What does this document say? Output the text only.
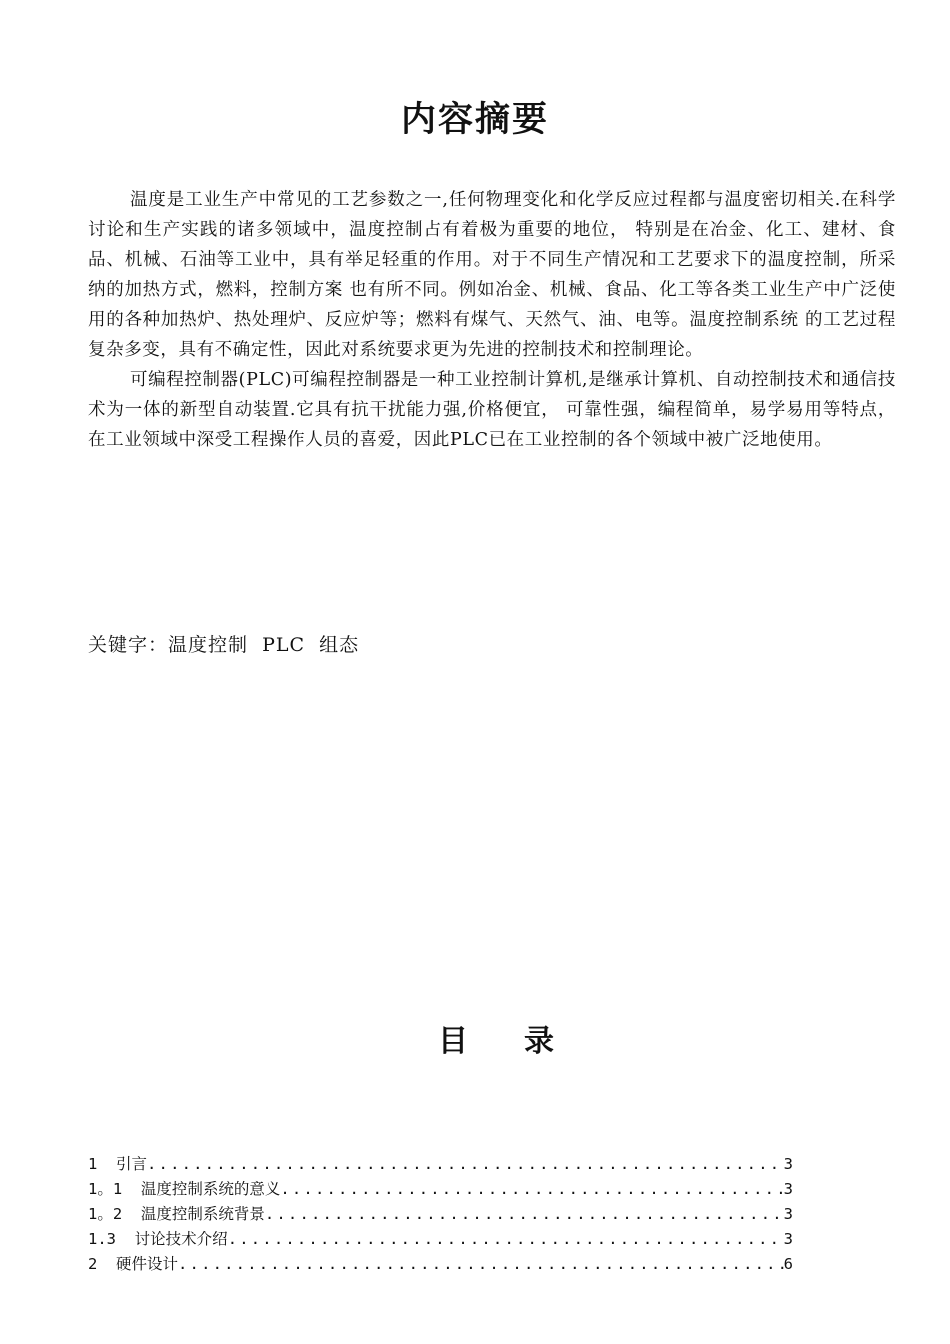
内容摘要

温度是工业生产中常见的工艺参数之一,任何物理变化和化学反应过程都与温度密切相关.在科学讨论和生产实践的诸多领域中，温度控制占有着极为重要的地位， 特别是在冶金、化工、建材、食品、机械、石油等工业中，具有举足轻重的作用。对于不同生产情况和工艺要求下的温度控制，所采纳的加热方式，燃料，控制方案 也有所不同。例如冶金、机械、食品、化工等各类工业生产中广泛使用的各种加热炉、热处理炉、反应炉等；燃料有煤气、天然气、油、电等。温度控制系统 的工艺过程复杂多变，具有不确定性，因此对系统要求更为先进的控制技术和控制理论。

可编程控制器(PLC)可编程控制器是一种工业控制计算机,是继承计算机、自动控制技术和通信技术为一体的新型自动装置.它具有抗干扰能力强,价格便宜， 可靠性强，编程简单，易学易用等特点，在工业领域中深受工程操作人员的喜爱，因此PLC已在工业控制的各个领域中被广泛地使用。

关键字：温度控制  PLC  组态
目 录
1 引言 .....	3
1。1 温度控制系统的意义 .....	3
1。2 温度控制系统背景 .....	3
1.3 讨论技术介绍 .....	3
2 硬件设计 .....	6
